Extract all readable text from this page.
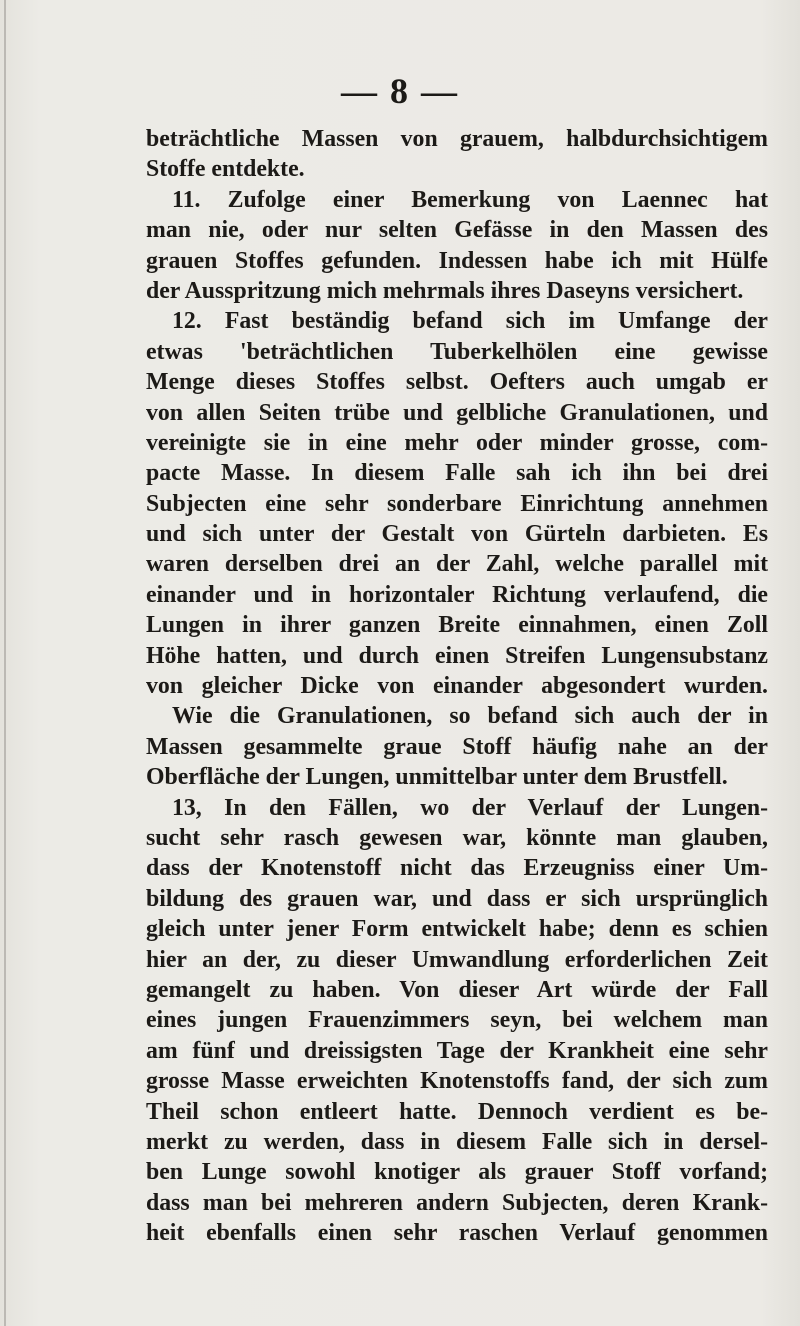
— 8 —
beträchtliche Massen von grauem, halbdurchsichtigem
Stoffe entdekte.
11. Zufolge einer Bemerkung von Laennec hat
man nie, oder nur selten Gefässe in den Massen des
grauen Stoffes gefunden. Indessen habe ich mit Hülfe
der Ausspritzung mich mehrmals ihres Daseyns versichert.
12. Fast beständig befand sich im Umfange der
etwas 'beträchtlichen Tuberkelhölen eine gewisse
Menge dieses Stoffes selbst. Oefters auch umgab er
von allen Seiten trübe und gelbliche Granulationen, und
vereinigte sie in eine mehr oder minder grosse, com-
pacte Masse. In diesem Falle sah ich ihn bei drei
Subjecten eine sehr sonderbare Einrichtung annehmen
und sich unter der Gestalt von Gürteln darbieten. Es
waren derselben drei an der Zahl, welche parallel mit
einander und in horizontaler Richtung verlaufend, die
Lungen in ihrer ganzen Breite einnahmen, einen Zoll
Höhe hatten, und durch einen Streifen Lungensubstanz
von gleicher Dicke von einander abgesondert wurden.
Wie die Granulationen, so befand sich auch der in
Massen gesammelte graue Stoff häufig nahe an der
Oberfläche der Lungen, unmittelbar unter dem Brustfell.
13, In den Fällen, wo der Verlauf der Lungen-
sucht sehr rasch gewesen war, könnte man glauben,
dass der Knotenstoff nicht das Erzeugniss einer Um-
bildung des grauen war, und dass er sich ursprünglich
gleich unter jener Form entwickelt habe; denn es schien
hier an der, zu dieser Umwandlung erforderlichen Zeit
gemangelt zu haben. Von dieser Art würde der Fall
eines jungen Frauenzimmers seyn, bei welchem man
am fünf und dreissigsten Tage der Krankheit eine sehr
grosse Masse erweichten Knotenstoffs fand, der sich zum
Theil schon entleert hatte. Dennoch verdient es be-
merkt zu werden, dass in diesem Falle sich in dersel-
ben Lunge sowohl knotiger als grauer Stoff vorfand;
dass man bei mehreren andern Subjecten, deren Krank-
heit ebenfalls einen sehr raschen Verlauf genommen
